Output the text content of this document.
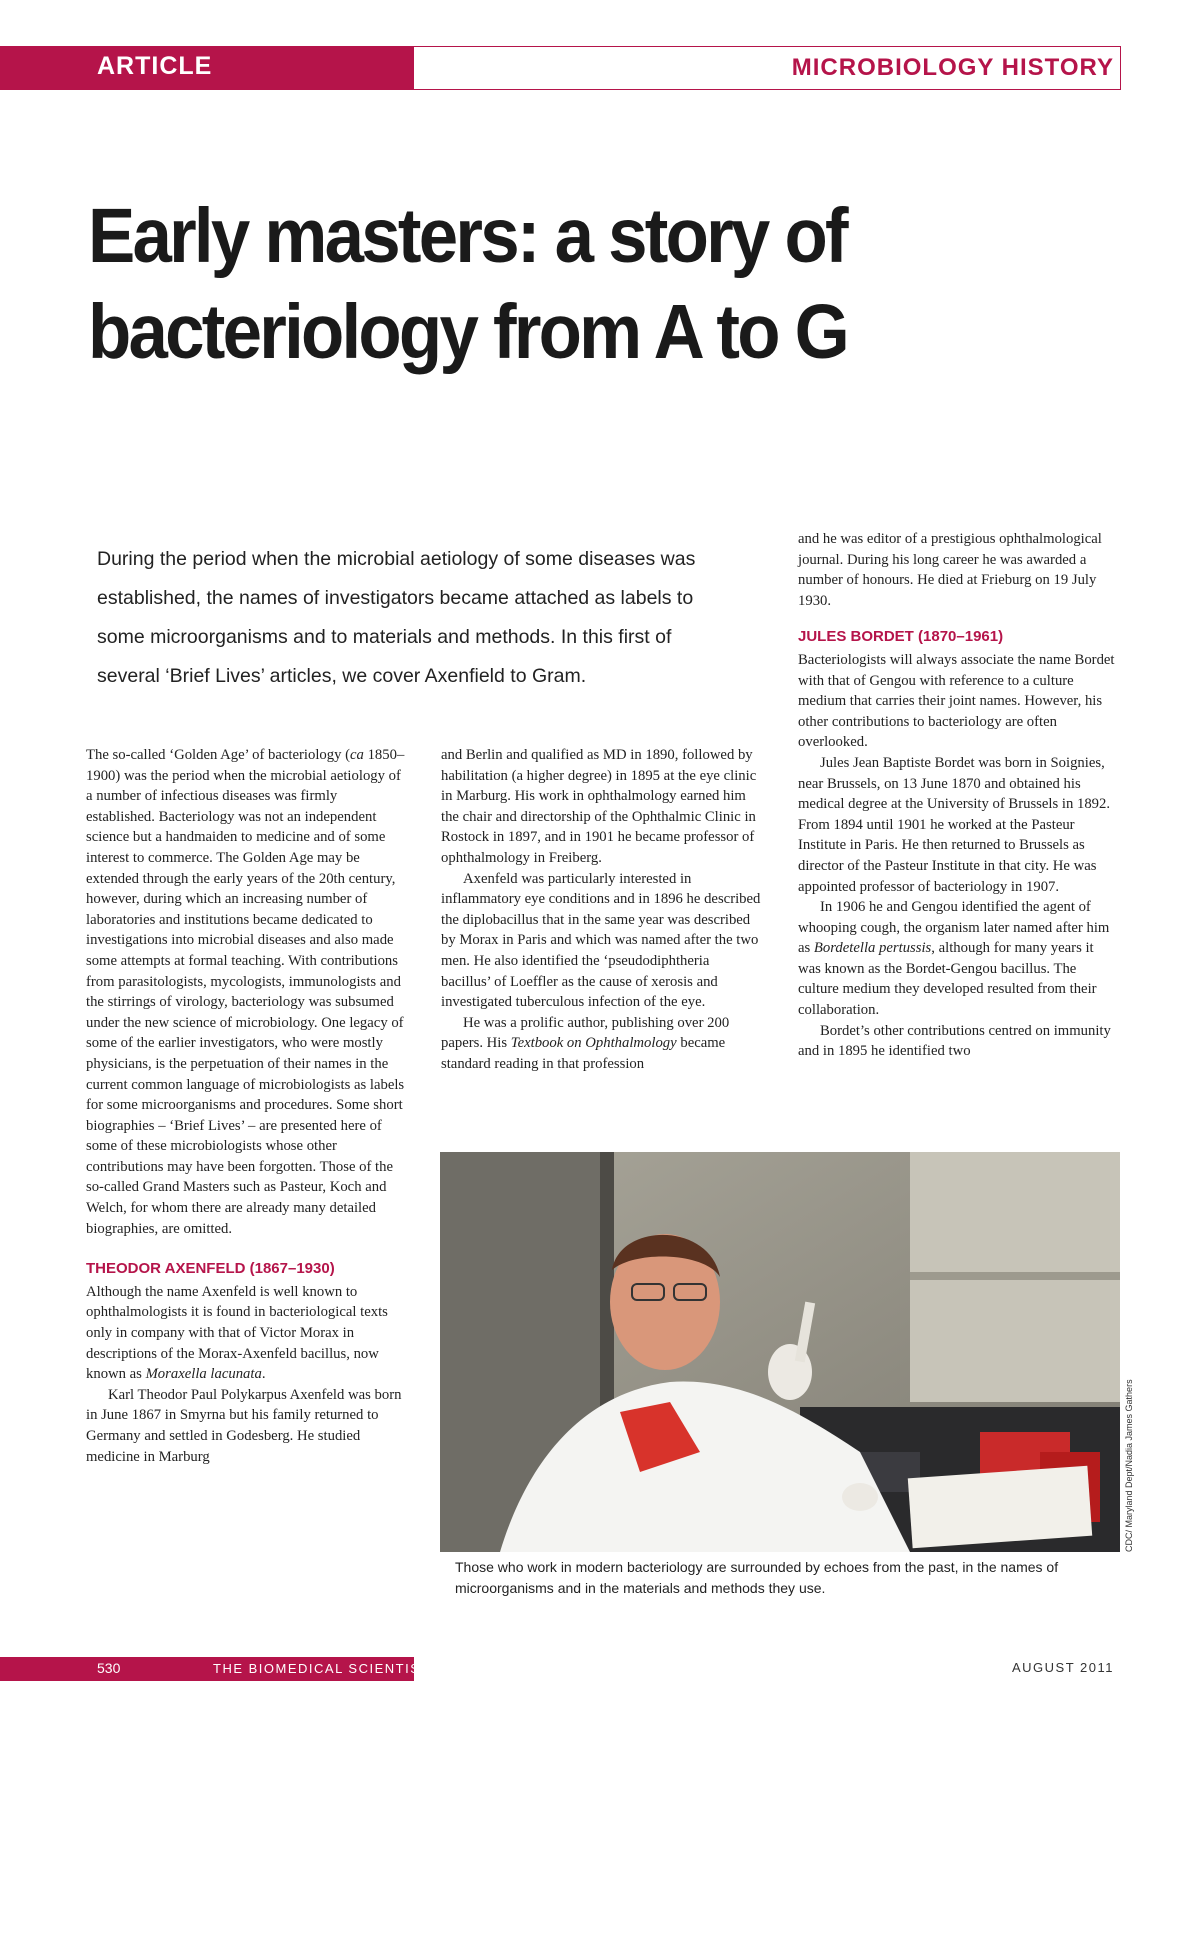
ARTICLE	MICROBIOLOGY HISTORY
Early masters: a story of
bacteriology from A to G

During the period when the microbial aetiology of some diseases was established, the names of investigators became attached as labels to some microorganisms and to materials and methods. In this first of several ‘Brief Lives’ articles, we cover Axenfield to Gram.

The so-called ‘Golden Age’ of bacteriology (ca 1850–1900) was the period when the microbial aetiology of a number of infectious diseases was firmly established. Bacteriology was not an independent science but a handmaiden to medicine and of some interest to commerce. The Golden Age may be extended through the early years of the 20th century, however, during which an increasing number of laboratories and institutions became dedicated to investigations into microbial diseases and also made some attempts at formal teaching. With contributions from parasitologists, mycologists, immunologists and the stirrings of virology, bacteriology was subsumed under the new science of microbiology. One legacy of some of the earlier investigators, who were mostly physicians, is the perpetuation of their names in the current common language of microbiologists as labels for some microorganisms and procedures. Some short biographies – ‘Brief Lives’ – are presented here of some of these microbiologists whose other contributions may have been forgotten. Those of the so-called Grand Masters such as Pasteur, Koch and Welch, for whom there are already many detailed biographies, are omitted.

THEODOR AXENFELD (1867–1930)

Although the name Axenfeld is well known to ophthalmologists it is found in bacteriological texts only in company with that of Victor Morax in descriptions of the Morax-Axenfeld bacillus, now known as Moraxella lacunata.

Karl Theodor Paul Polykarpus Axenfeld was born in June 1867 in Smyrna but his family returned to Germany and settled in Godesberg. He studied medicine in Marburg

and Berlin and qualified as MD in 1890, followed by habilitation (a higher degree) in 1895 at the eye clinic in Marburg. His work in ophthalmology earned him the chair and directorship of the Ophthalmic Clinic in Rostock in 1897, and in 1901 he became professor of ophthalmology in Freiberg.

Axenfeld was particularly interested in inflammatory eye conditions and in 1896 he described the diplobacillus that in the same year was described by Morax in Paris and which was named after the two men. He also identified the ‘pseudodiphtheria bacillus’ of Loeffler as the cause of xerosis and investigated tuberculous infection of the eye.

He was a prolific author, publishing over 200 papers. His Textbook on Ophthalmology became standard reading in that profession

and he was editor of a prestigious ophthalmological journal. During his long career he was awarded a number of honours. He died at Frieburg on 19 July 1930.

JULES BORDET (1870–1961)

Bacteriologists will always associate the name Bordet with that of Gengou with reference to a culture medium that carries their joint names. However, his other contributions to bacteriology are often overlooked.

Jules Jean Baptiste Bordet was born in Soignies, near Brussels, on 13 June 1870 and obtained his medical degree at the University of Brussels in 1892. From 1894 until 1901 he worked at the Pasteur Institute in Paris. He then returned to Brussels as director of the Pasteur Institute in that city. He was appointed professor of bacteriology in 1907.

In 1906 he and Gengou identified the agent of whooping cough, the organism later named after him as Bordetella pertussis, although for many years it was known as the Bordet-Gengou bacillus. The culture medium they developed resulted from their collaboration.

Bordet’s other contributions centred on immunity and in 1895 he identified two

CDC/ Maryland Dept/Nadia James Gathers

Those who work in modern bacteriology are surrounded by echoes from the past, in the names of microorganisms and in the materials and methods they use.

530	THE BIOMEDICAL SCIENTIST	AUGUST 2011
